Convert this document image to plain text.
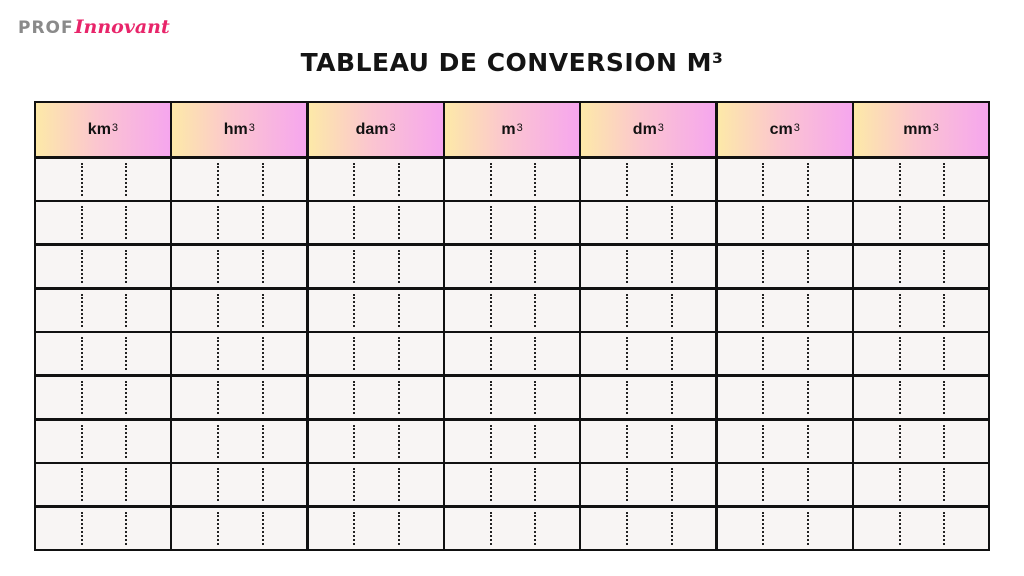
PROF Innovant
TABLEAU DE CONVERSION M³
$km^3$	$hm^3$	dam$^3$	$m^3$	$dm^3$	$cm^3$	$mm^3$
